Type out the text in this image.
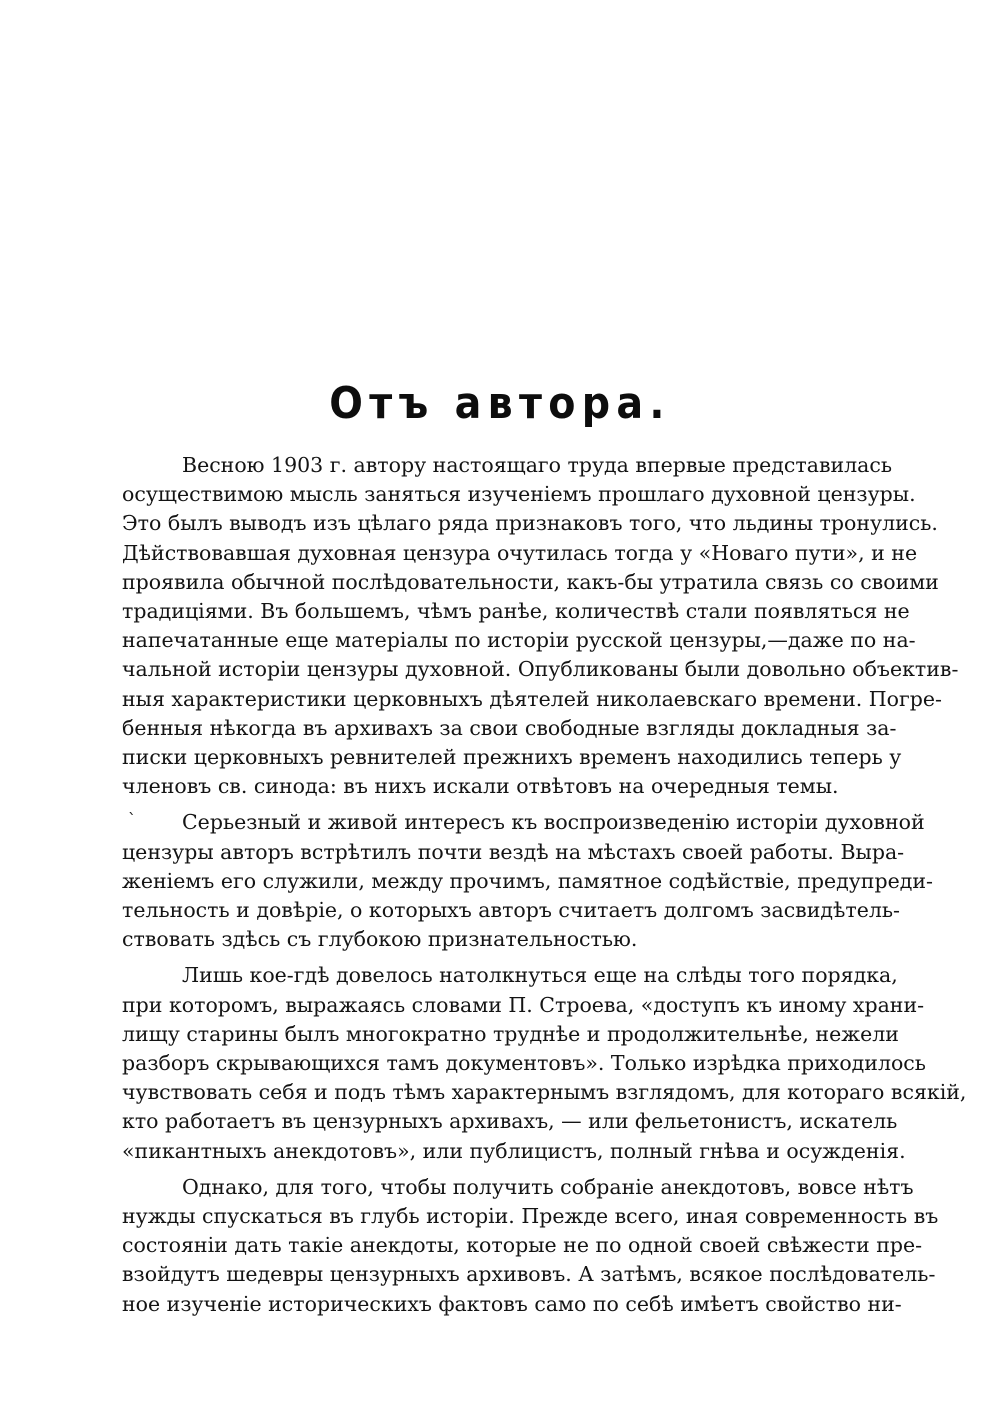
Отъ автора.
ˎ
Весною 1903 г. автору настоящаго труда впервые представилась
осуществимою мысль заняться изученіемъ прошлаго духовной цензуры.
Это былъ выводъ изъ цѣлаго ряда признаковъ того, что льдины тронулись.
Дѣйствовавшая духовная цензура очутилась тогда у «Новаго пути», и не
проявила обычной послѣдовательности, какъ-бы утратила связь со своими
традиціями. Въ большемъ, чѣмъ ранѣе, количествѣ стали появляться не
напечатанные еще матеріалы по исторіи русской цензуры,—даже по на-
чальной исторіи цензуры духовной. Опубликованы были довольно объектив-
ныя характеристики церковныхъ дѣятелей николаевскаго времени. Погре-
бенныя нѣкогда въ архивахъ за свои свободные взгляды докладныя за-
писки церковныхъ ревнителей прежнихъ временъ находились теперь у
членовъ св. синода: въ нихъ искали отвѣтовъ на очередныя темы.
Серьезный и живой интересъ къ воспроизведенію исторіи духовной
цензуры авторъ встрѣтилъ почти вездѣ на мѣстахъ своей работы. Выра-
женіемъ его служили, между прочимъ, памятное содѣйствіе, предупреди-
тельность и довѣріе, о которыхъ авторъ считаетъ долгомъ засвидѣтель-
ствовать здѣсь съ глубокою признательностью.
Лишь кое-гдѣ довелось натолкнуться еще на слѣды того порядка,
при которомъ, выражаясь словами П. Строева, «доступъ къ иному храни-
лищу старины былъ многократно труднѣе и продолжительнѣе, нежели
разборъ скрывающихся тамъ документовъ». Только изрѣдка приходилось
чувствовать себя и подъ тѣмъ характернымъ взглядомъ, для котораго всякій,
кто работаетъ въ цензурныхъ архивахъ, — или фельетонистъ, искатель
«пикантныхъ анекдотовъ», или публицистъ, полный гнѣва и осужденія.
Однако, для того, чтобы получить собраніе анекдотовъ, вовсе нѣтъ
нужды спускаться въ глубь исторіи. Прежде всего, иная современность въ
состояніи дать такіе анекдоты, которые не по одной своей свѣжести пре-
взойдутъ шедевры цензурныхъ архивовъ. А затѣмъ, всякое послѣдователь-
ное изученіе историческихъ фактовъ само по себѣ имѣетъ свойство ни-
